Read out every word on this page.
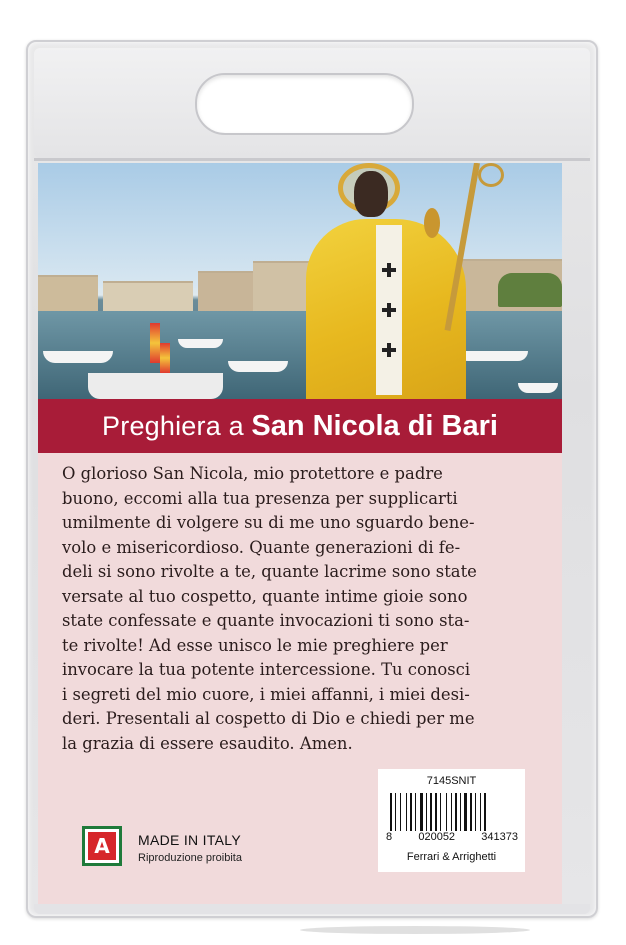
Preghiera a San Nicola di Bari

O glorioso San Nicola, mio protettore e padre
buono, eccomi alla tua presenza per supplicarti
umilmente di volgere su di me uno sguardo bene-
volo e misericordioso. Quante generazioni di fe-
deli si sono rivolte a te, quante lacrime sono state
versate al tuo cospetto, quante intime gioie sono
state confessate e quante invocazioni ti sono sta-
te rivolte! Ad esse unisco le mie preghiere per
invocare la tua potente intercessione. Tu conosci
i segreti del mio cuore, i miei affanni, i miei desi-
deri. Presentali al cospetto di Dio e chiedi per me
la grazia di essere esaudito. Amen.

7145SNIT
8 020052 341373
Ferrari & Arrighetti
A	MADE IN ITALY
Riproduzione proibita
